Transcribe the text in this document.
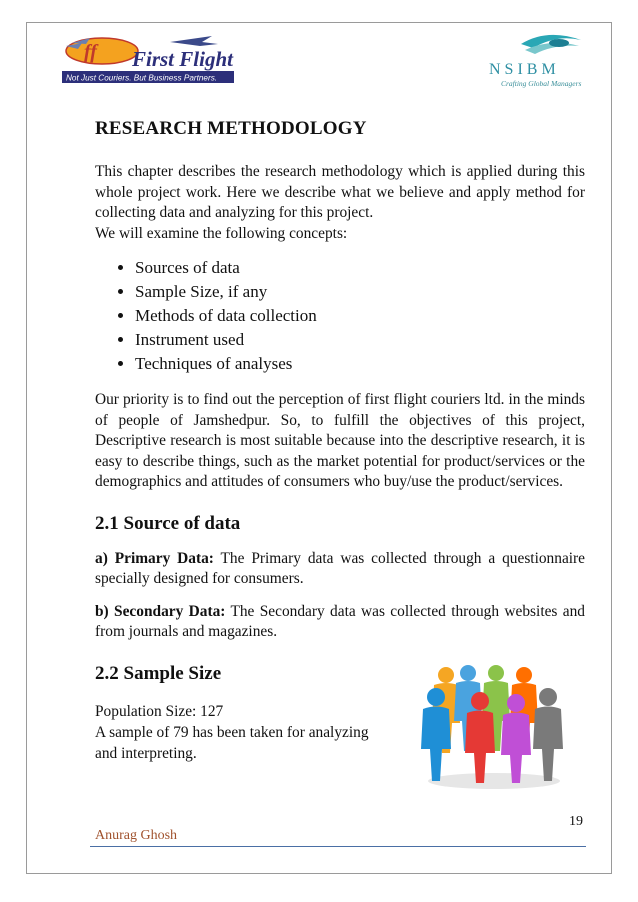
ff First Flight
Not Just Couriers. But Business Partners.	NSIBM
Crafting Global Managers
RESEARCH METHODOLOGY

This chapter describes the research methodology which is applied during this whole project work. Here we describe what we believe and apply method for collecting data and analyzing for this project.

We will examine the following concepts:

• Sources of data
• Sample Size, if any
• Methods of data collection
• Instrument used
• Techniques of analyses

Our priority is to find out the perception of first flight couriers ltd. in the minds of people of Jamshedpur. So, to fulfill the objectives of this project, Descriptive research is most suitable because into the descriptive research, it is easy to describe things, such as the market potential for product/services or the demographics and attitudes of consumers who buy/use the product/services.

2.1 Source of data

a) Primary Data: The Primary data was collected through a questionnaire specially designed for consumers.

b) Secondary Data: The Secondary data was collected through websites and from journals and magazines.

2.2 Sample Size
Population Size: 127
A sample of 79 has been taken for analyzing
and interpreting.
19
Anurag Ghosh
